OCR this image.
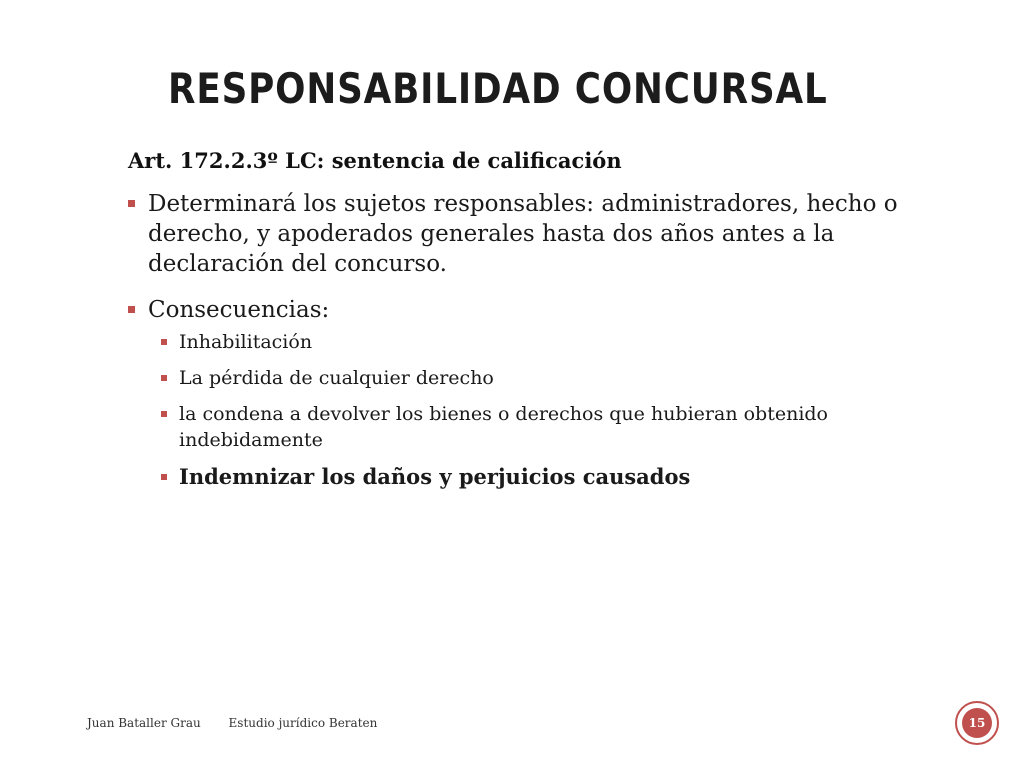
RESPONSABILIDAD CONCURSAL

Art. 172.2.3º LC: sentencia de calificación

Determinará los sujetos responsables: administradores, hecho o derecho, y apoderados generales hasta dos años antes a la declaración del concurso.
Consecuencias:
Inhabilitación
La pérdida de cualquier derecho
la condena a devolver los bienes o derechos que hubieran obtenido indebidamente
Indemnizar los daños y perjuicios causados
Juan Bataller Grau Estudio jurídico Beraten	15
